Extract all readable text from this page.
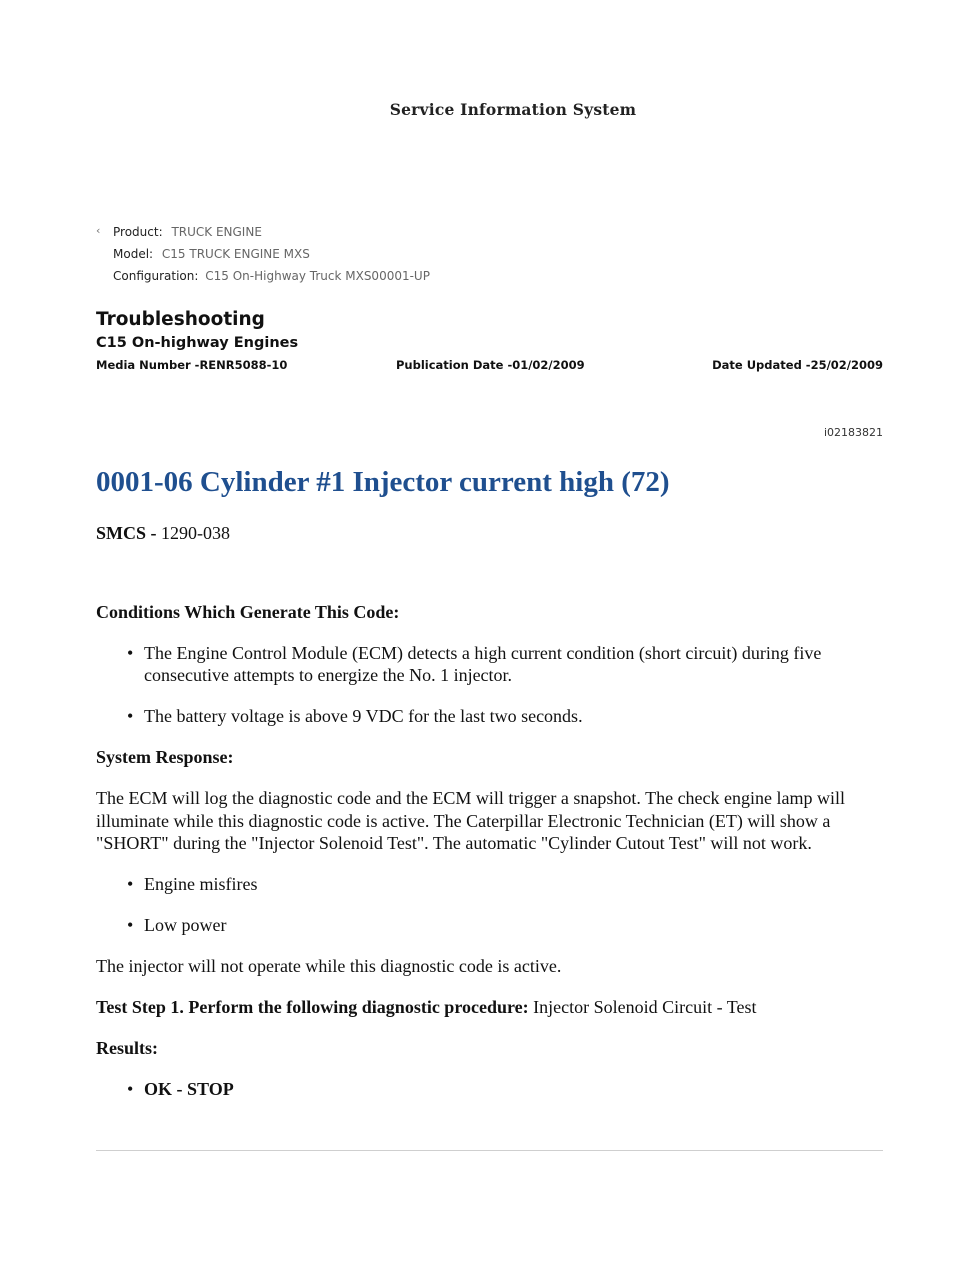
Service Information System
‹	Product: TRUCK ENGINE
Model: C15 TRUCK ENGINE MXS
Configuration: C15 On-Highway Truck MXS00001-UP
Troubleshooting
C15 On-highway Engines
Media Number -RENR5088-10	Publication Date -01/02/2009	Date Updated -25/02/2009
i02183821
0001-06 Cylinder #1 Injector current high (72)

SMCS - 1290-038

Conditions Which Generate This Code:

• The Engine Control Module (ECM) detects a high current condition (short circuit) during five consecutive attempts to energize the No. 1 injector.
• The battery voltage is above 9 VDC for the last two seconds.

System Response:

The ECM will log the diagnostic code and the ECM will trigger a snapshot. The check engine lamp will illuminate while this diagnostic code is active. The Caterpillar Electronic Technician (ET) will show a "SHORT" during the "Injector Solenoid Test". The automatic "Cylinder Cutout Test" will not work.

• Engine misfires
• Low power

The injector will not operate while this diagnostic code is active.

Test Step 1. Perform the following diagnostic procedure: Injector Solenoid Circuit - Test

Results:

• OK - STOP
